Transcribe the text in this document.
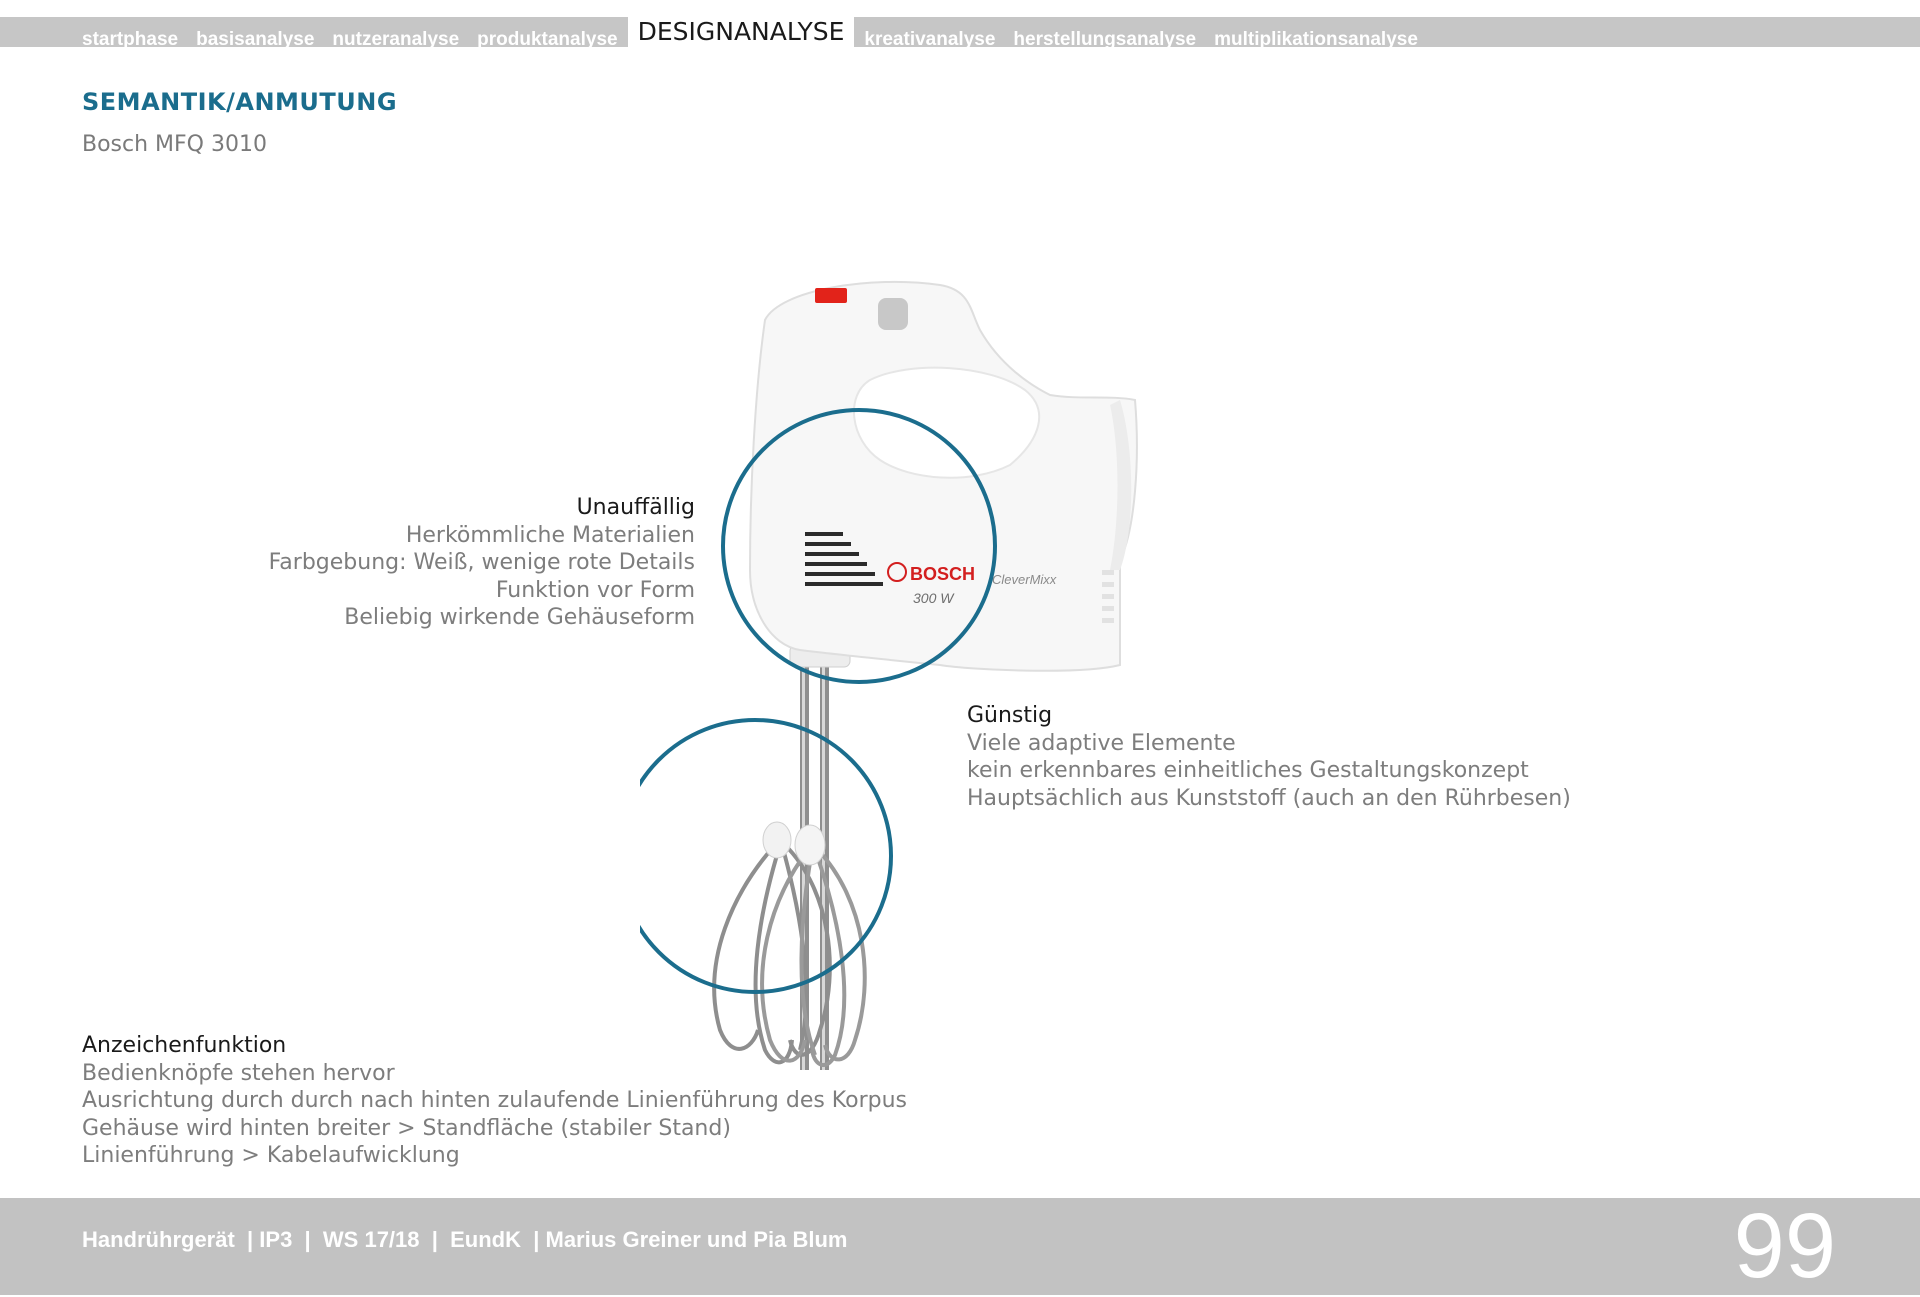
startphase basisanalyse nutzeranalyse produktanalyse DESIGNANALYSE	kreativanalyse herstellungsanalyse multiplikationsanalyse
SEMANTIK/ANMUTUNG
Bosch MFQ 3010
BOSCH
300 W
CleverMixx
Unauffällig
Herkömmliche Materialien
Farbgebung: Weiß, wenige rote Details
Funktion vor Form
Beliebig wirkende Gehäuseform
Günstig
Viele adaptive Elemente
kein erkennbares einheitliches Gestaltungskonzept
Hauptsächlich aus Kunststoff (auch an den Rührbesen)
Anzeichenfunktion
Bedienknöpfe stehen hervor
Ausrichtung durch durch nach hinten zulaufende Linienführung des Korpus
Gehäuse wird hinten breiter > Standfläche (stabiler Stand)
Linienführung > Kabelaufwicklung
Handrührgerät  | IP3  |  WS 17/18  |  EundK  | Marius Greiner und Pia Blum	99
